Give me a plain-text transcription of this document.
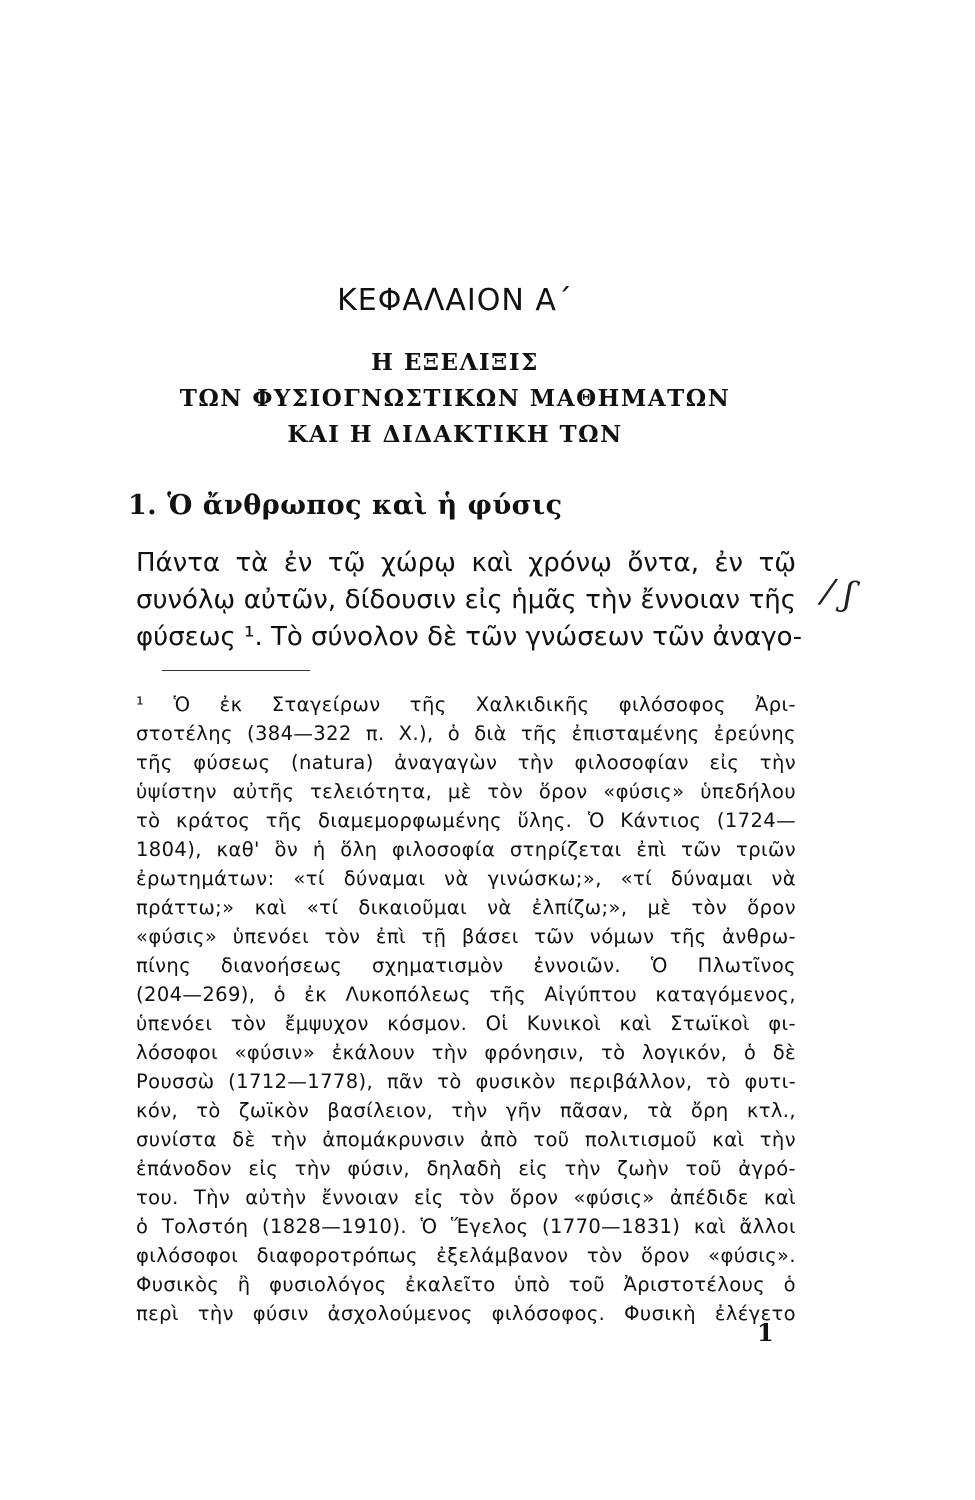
ΚΕΦΑΛΑΙΟΝ Α΄
Η ΕΞΕΛΙΞΙΣ
ΤΩΝ ΦΥΣΙΟΓΝΩΣΤΙΚΩΝ ΜΑΘΗΜΑΤΩΝ
ΚΑΙ Η ΔΙΔΑΚΤΙΚΗ ΤΩΝ
1. Ὁ ἄνθρωπος καὶ ἡ φύσις
Πάντα τὰ ἐν τῷ χώρῳ καὶ χρόνῳ ὄντα, ἐν τῷ
συνόλῳ αὐτῶν, δίδουσιν εἰς ἡμᾶς τὴν ἔννοιαν τῆς
φύσεως ¹. Τὸ σύνολον δὲ τῶν γνώσεων τῶν ἀναγο-
/ ʃ
¹ Ὁ ἐκ Σταγείρων τῆς Χαλκιδικῆς φιλόσοφος Ἀρι-
στοτέλης (384—322 π. Χ.), ὁ διὰ τῆς ἐπισταμένης ἐρεύνης
τῆς φύσεως (natura) ἀναγαγὼν τὴν φιλοσοφίαν εἰς τὴν
ὑψίστην αὐτῆς τελειότητα, μὲ τὸν ὅρον «φύσις» ὑπεδήλου
τὸ κράτος τῆς διαμεμορφωμένης ὕλης. Ὁ Κάντιος (1724—
1804), καθ' ὃν ἡ ὅλη φιλοσοφία στηρίζεται ἐπὶ τῶν τριῶν
ἐρωτημάτων: «τί δύναμαι νὰ γινώσκω;», «τί δύναμαι νὰ
πράττω;» καὶ «τί δικαιοῦμαι νὰ ἐλπίζω;», μὲ τὸν ὅρον
«φύσις» ὑπενόει τὸν ἐπὶ τῇ βάσει τῶν νόμων τῆς ἀνθρω-
πίνης διανοήσεως σχηματισμὸν ἐννοιῶν. Ὁ Πλωτῖνος
(204—269), ὁ ἐκ Λυκοπόλεως τῆς Αἰγύπτου καταγόμενος,
ὑπενόει τὸν ἔμψυχον κόσμον. Οἱ Κυνικοὶ καὶ Στωϊκοὶ φι-
λόσοφοι «φύσιν» ἐκάλουν τὴν φρόνησιν, τὸ λογικόν, ὁ δὲ
Ρουσσὼ (1712—1778), πᾶν τὸ φυσικὸν περιβάλλον, τὸ φυτι-
κόν, τὸ ζωϊκὸν βασίλειον, τὴν γῆν πᾶσαν, τὰ ὄρη κτλ.,
συνίστα δὲ τὴν ἀπομάκρυνσιν ἀπὸ τοῦ πολιτισμοῦ καὶ τὴν
ἐπάνοδον εἰς τὴν φύσιν, δηλαδὴ εἰς τὴν ζωὴν τοῦ ἀγρό-
του. Τὴν αὐτὴν ἔννοιαν εἰς τὸν ὅρον «φύσις» ἀπέδιδε καὶ
ὁ Τολστόη (1828—1910). Ὁ Ἕγελος (1770—1831) καὶ ἄλλοι
φιλόσοφοι διαφοροτρόπως ἐξελάμβανον τὸν ὅρον «φύσις».
Φυσικὸς ἢ φυσιολόγος ἐκαλεῖτο ὑπὸ τοῦ Ἀριστοτέλους ὁ
περὶ τὴν φύσιν ἀσχολούμενος φιλόσοφος. Φυσικὴ ἐλέγετο
1
